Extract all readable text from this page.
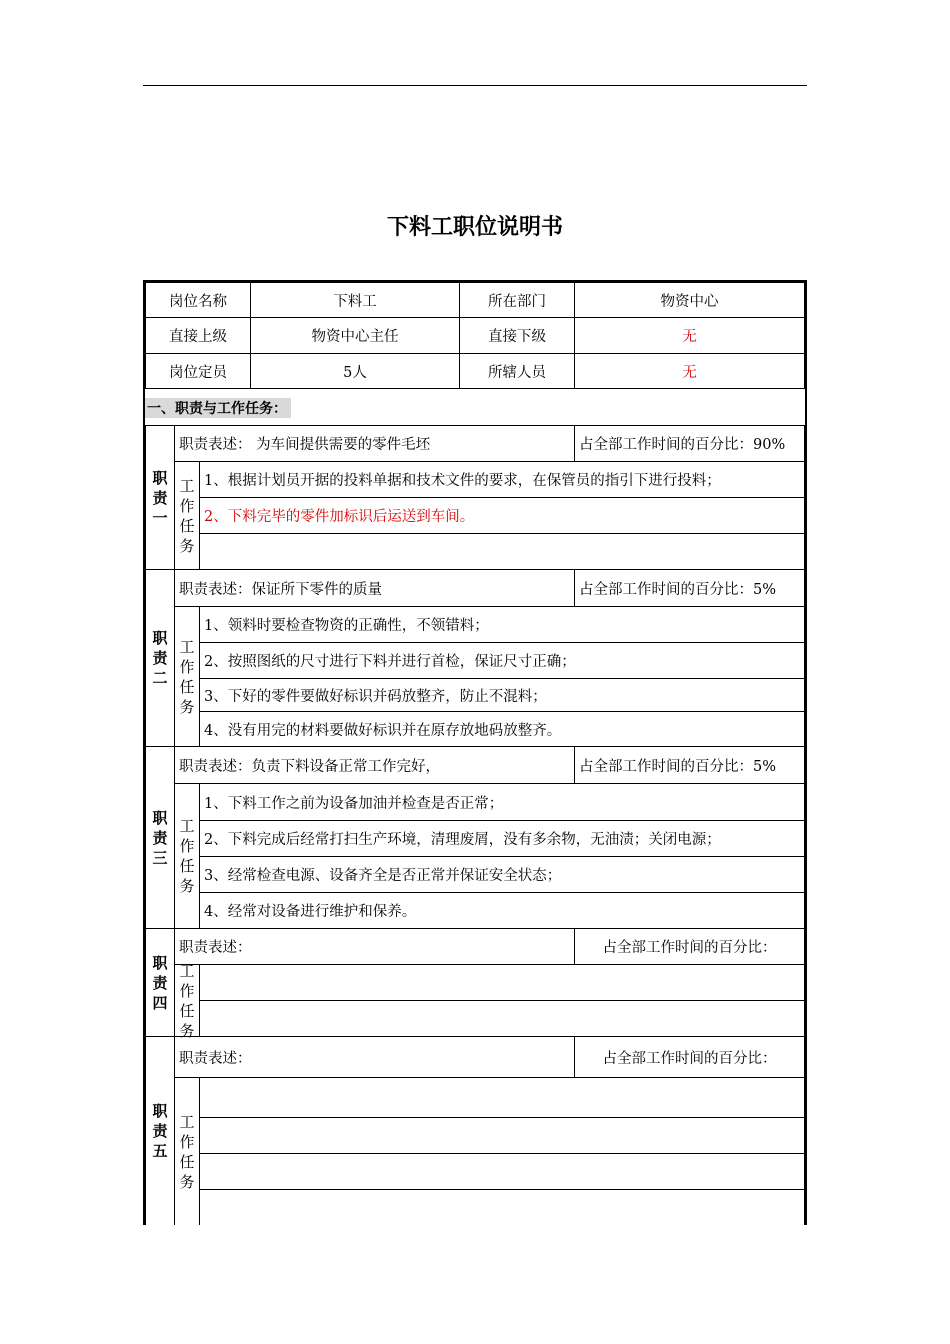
下料工职位说明书
岗位名称	下料工	所在部门	物资中心
直接上级	物资中心主任	直接下级	无
岗位定员	5人	所辖人员	无
一、职责与工作任务：
职责一
职责表述： 为车间提供需要的零件毛坯	占全部工作时间的百分比：90%
工作任务
1、根据计划员开据的投料单据和技术文件的要求，在保管员的指引下进行投料；
2、下料完毕的零件加标识后运送到车间。
职责二
职责表述：保证所下零件的质量	占全部工作时间的百分比：5%
工作任务
1、领料时要检查物资的正确性，不领错料；
2、按照图纸的尺寸进行下料并进行首检，保证尺寸正确；
3、下好的零件要做好标识并码放整齐，防止不混料；
4、没有用完的材料要做好标识并在原存放地码放整齐。
职责三
职责表述：负责下料设备正常工作完好，	占全部工作时间的百分比：5%
工作任务
1、下料工作之前为设备加油并检查是否正常；
2、下料完成后经常打扫生产环境，清理废屑，没有多余物，无油渍；关闭电源；
3、经常检查电源、设备齐全是否正常并保证安全状态；
4、经常对设备进行维护和保养。
职责四
职责表述：	占全部工作时间的百分比：
工作任务
职责五
职责表述：	占全部工作时间的百分比：
工作任务
